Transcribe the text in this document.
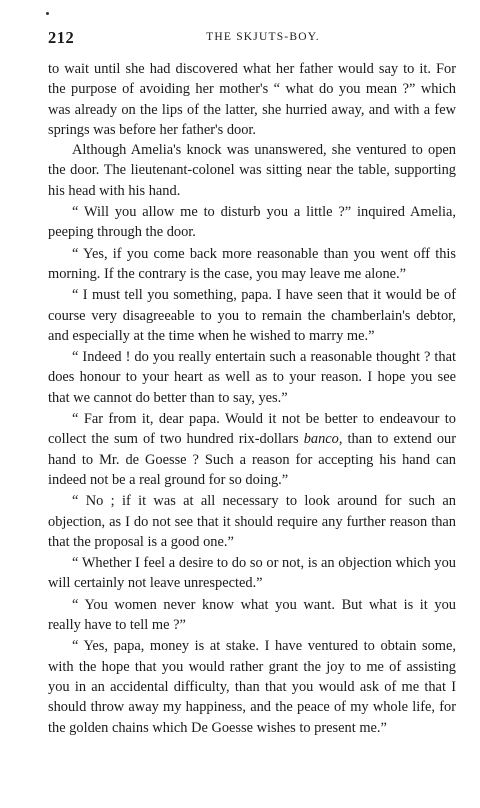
212	THE SKJUTS-BOY.

to wait until she had discovered what her father would say to it. For the purpose of avoiding her mother's “ what do you mean ?” which was already on the lips of the latter, she hurried away, and with a few springs was before her father's door.

Although Amelia's knock was unanswered, she ventured to open the door. The lieutenant-colonel was sitting near the table, supporting his head with his hand.

“ Will you allow me to disturb you a little ?” inquired Amelia, peeping through the door.

“ Yes, if you come back more reasonable than you went off this morning. If the contrary is the case, you may leave me alone.”

“ I must tell you something, papa. I have seen that it would be of course very disagreeable to you to remain the chamberlain's debtor, and especially at the time when he wished to marry me.”

“ Indeed ! do you really entertain such a reasonable thought ? that does honour to your heart as well as to your reason. I hope you see that we cannot do better than to say, yes.”

“ Far from it, dear papa. Would it not be better to endeavour to collect the sum of two hundred rix-dollars banco, than to extend our hand to Mr. de Goesse ? Such a reason for accepting his hand can indeed not be a real ground for so doing.”

“ No ; if it was at all necessary to look around for such an objection, as I do not see that it should require any further reason than that the proposal is a good one.”

“ Whether I feel a desire to do so or not, is an objection which you will certainly not leave unrespected.”

“ You women never know what you want. But what is it you really have to tell me ?”

“ Yes, papa, money is at stake. I have ventured to obtain some, with the hope that you would rather grant the joy to me of assisting you in an accidental difficulty, than that you would ask of me that I should throw away my happiness, and the peace of my whole life, for the golden chains which De Goesse wishes to present me.”
